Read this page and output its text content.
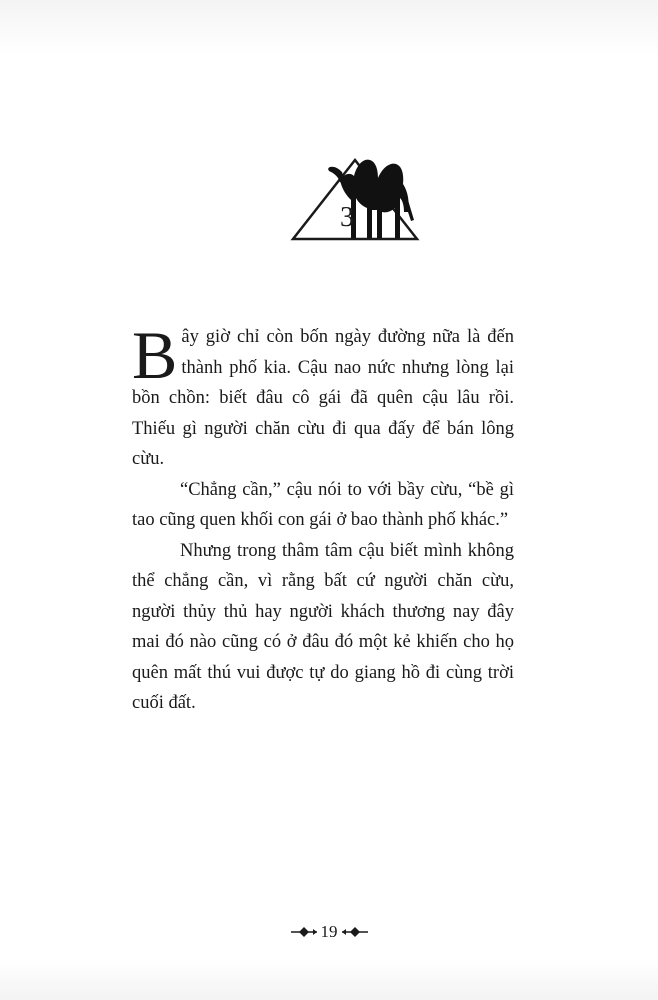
3

Bây giờ chỉ còn bốn ngày đường nữa là đến thành phố kia. Cậu nao nức nhưng lòng lại bồn chồn: biết đâu cô gái đã quên cậu lâu rồi. Thiếu gì người chăn cừu đi qua đấy để bán lông cừu.

“Chẳng cần,” cậu nói to với bầy cừu, “bề gì tao cũng quen khối con gái ở bao thành phố khác.”

Nhưng trong thâm tâm cậu biết mình không thể chẳng cần, vì rằng bất cứ người chăn cừu, người thủy thủ hay người khách thương nay đây mai đó nào cũng có ở đâu đó một kẻ khiến cho họ quên mất thú vui được tự do giang hồ đi cùng trời cuối đất.

19
